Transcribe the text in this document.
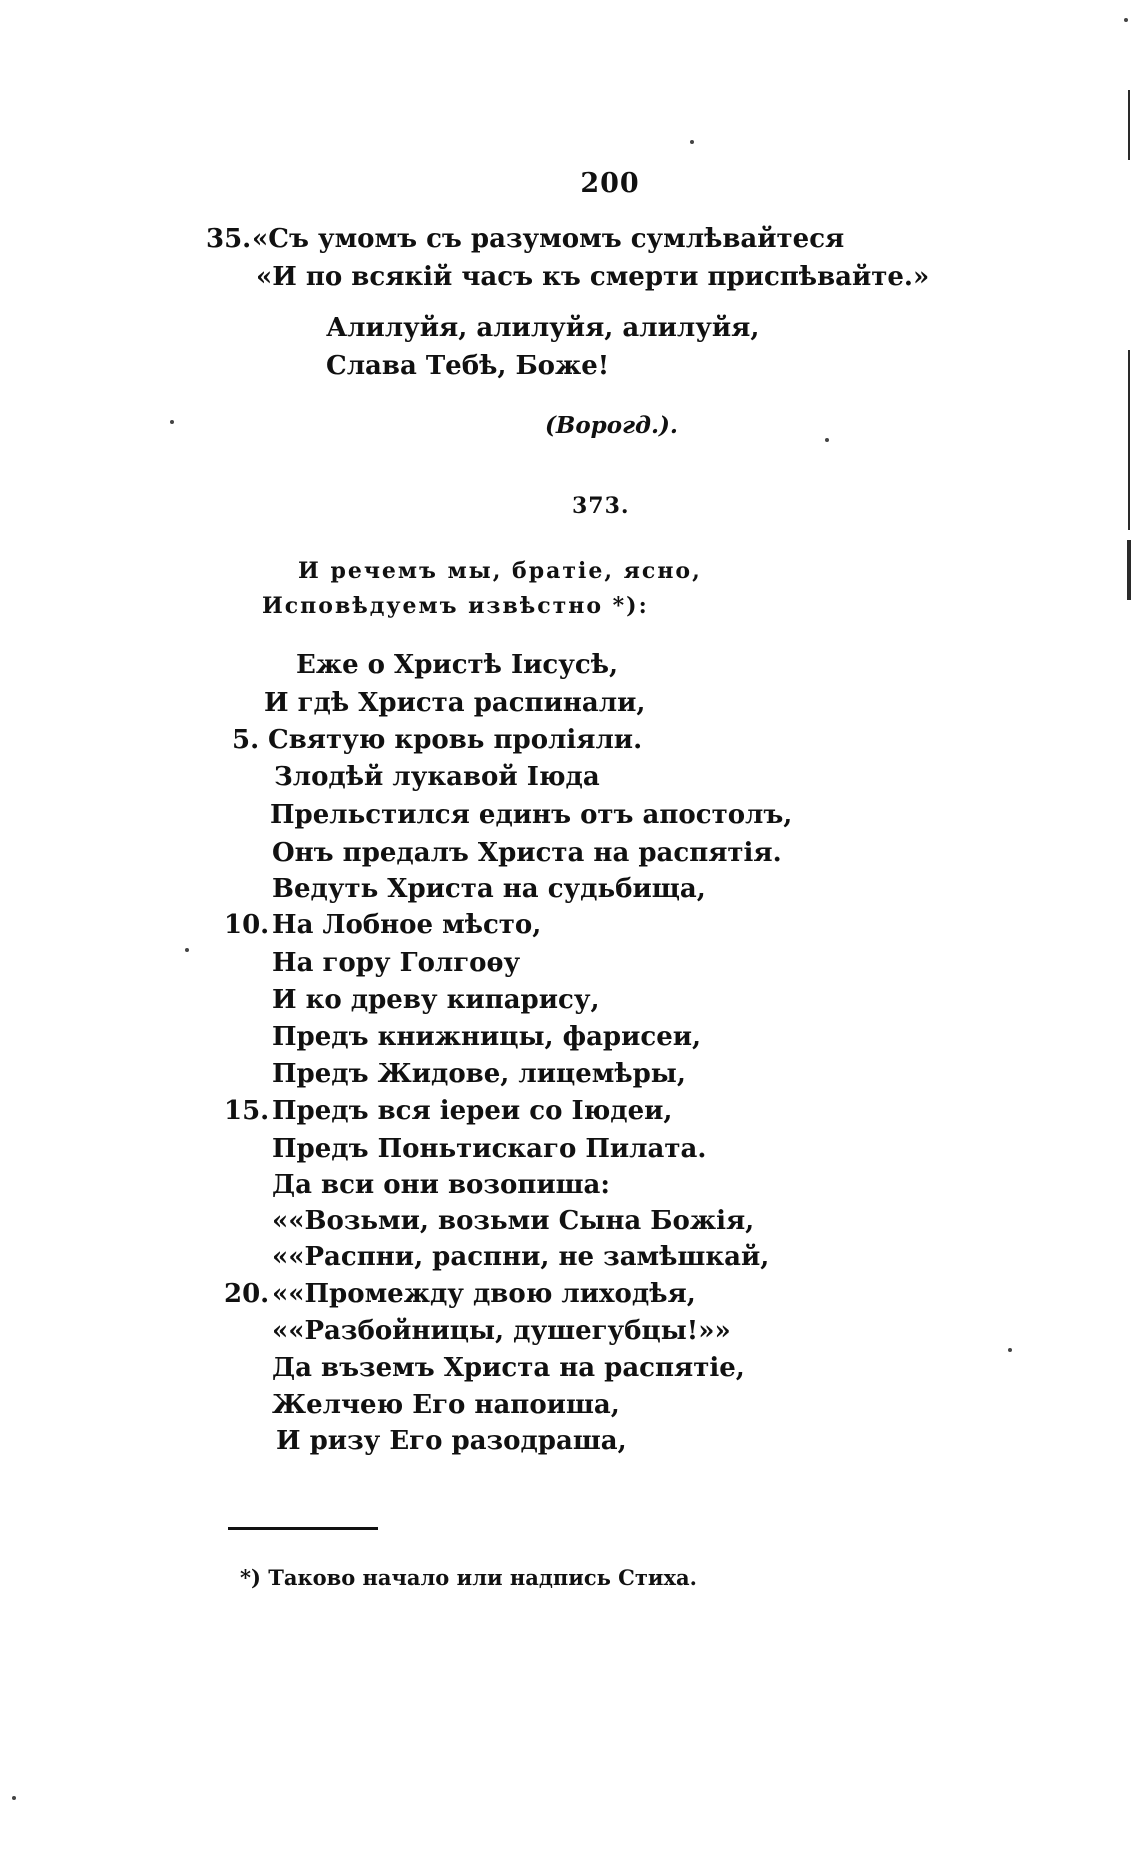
200
35. «Съ умомъ съ разумомъ сумлѣвайтеся
«И по всякій часъ къ смерти приспѣвайте.»
Алилуйя, алилуйя, алилуйя,
Слава Тебѣ, Боже!
(Ворогд.).
373.
И речемъ мы, братіе, ясно,
Исповѣдуемъ извѣстно *):
Еже о Христѣ Іисусѣ,
И гдѣ Христа распинали,
5. Святую кровь проліяли.
Злодѣй лукавой Іюда
Прельстился единъ отъ апостолъ,
Онъ предалъ Христа на распятія.
Ведуть Христа на судьбища,
10. На Лобное мѣсто,
На гору Голгоѳу
И ко древу кипарису,
Предъ книжницы, фарисеи,
Предъ Жидове, лицемѣры,
15. Предъ вся іереи со Іюдеи,
Предъ Поньтискаго Пилата.
Да вси они возопиша:
««Возьми, возьми Сына Божія,
««Распни, распни, не замѣшкай,
20. ««Промежду двою лиходѣя,
««Разбойницы, душегубцы!»»
Да въземъ Христа на распятіе,
Желчею Его напоиша,
И ризу Его разодраша,
*) Таково начало или надпись Стиха.
